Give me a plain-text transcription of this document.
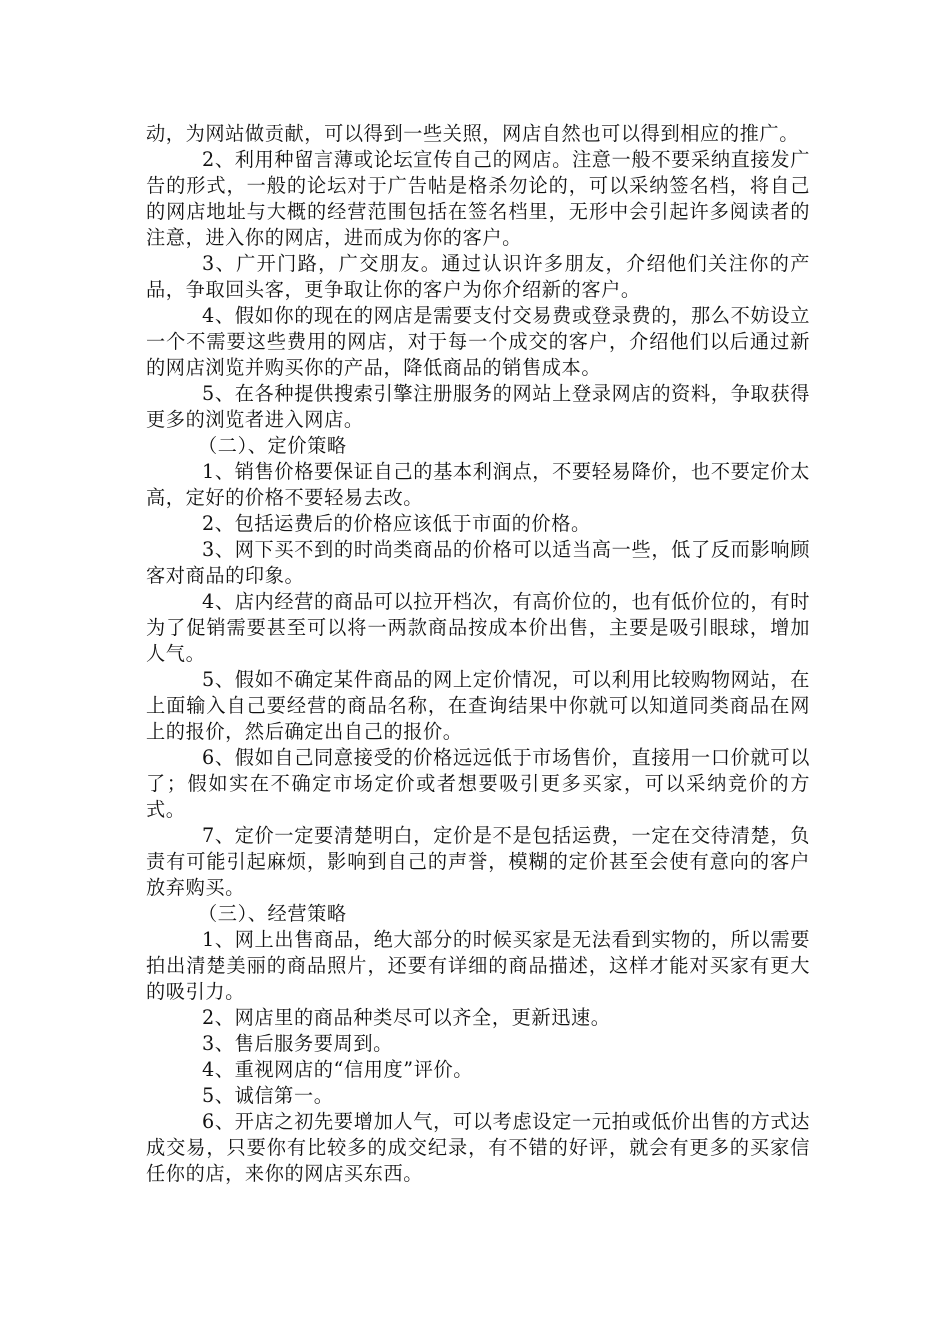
动，为网站做贡献，可以得到一些关照，网店自然也可以得到相应的推广。

2、利用种留言薄或论坛宣传自己的网店。注意一般不要采纳直接发广告的形式，一般的论坛对于广告帖是格杀勿论的，可以采纳签名档，将自己的网店地址与大概的经营范围包括在签名档里，无形中会引起许多阅读者的注意，进入你的网店，进而成为你的客户。

3、广开门路，广交朋友。通过认识许多朋友，介绍他们关注你的产品，争取回头客，更争取让你的客户为你介绍新的客户。

4、假如你的现在的网店是需要支付交易费或登录费的，那么不妨设立一个不需要这些费用的网店，对于每一个成交的客户，介绍他们以后通过新的网店浏览并购买你的产品，降低商品的销售成本。

5、在各种提供搜索引擎注册服务的网站上登录网店的资料，争取获得更多的浏览者进入网店。

（二）、定价策略

1、销售价格要保证自己的基本利润点，不要轻易降价，也不要定价太高，定好的价格不要轻易去改。

2、包括运费后的价格应该低于市面的价格。

3、网下买不到的时尚类商品的价格可以适当高一些，低了反而影响顾客对商品的印象。

4、店内经营的商品可以拉开档次，有高价位的，也有低价位的，有时为了促销需要甚至可以将一两款商品按成本价出售，主要是吸引眼球，增加人气。

5、假如不确定某件商品的网上定价情况，可以利用比较购物网站，在上面输入自己要经营的商品名称，在查询结果中你就可以知道同类商品在网上的报价，然后确定出自己的报价。

6、假如自己同意接受的价格远远低于市场售价，直接用一口价就可以了；假如实在不确定市场定价或者想要吸引更多买家，可以采纳竞价的方式。

7、定价一定要清楚明白，定价是不是包括运费，一定在交待清楚，负责有可能引起麻烦，影响到自己的声誉，模糊的定价甚至会使有意向的客户放弃购买。

（三）、经营策略

1、网上出售商品，绝大部分的时候买家是无法看到实物的，所以需要拍出清楚美丽的商品照片，还要有详细的商品描述，这样才能对买家有更大的吸引力。

2、网店里的商品种类尽可以齐全，更新迅速。

3、售后服务要周到。

4、重视网店的“信用度”评价。

5、诚信第一。

6、开店之初先要增加人气，可以考虑设定一元拍或低价出售的方式达成交易，只要你有比较多的成交纪录，有不错的好评，就会有更多的买家信任你的店，来你的网店买东西。
